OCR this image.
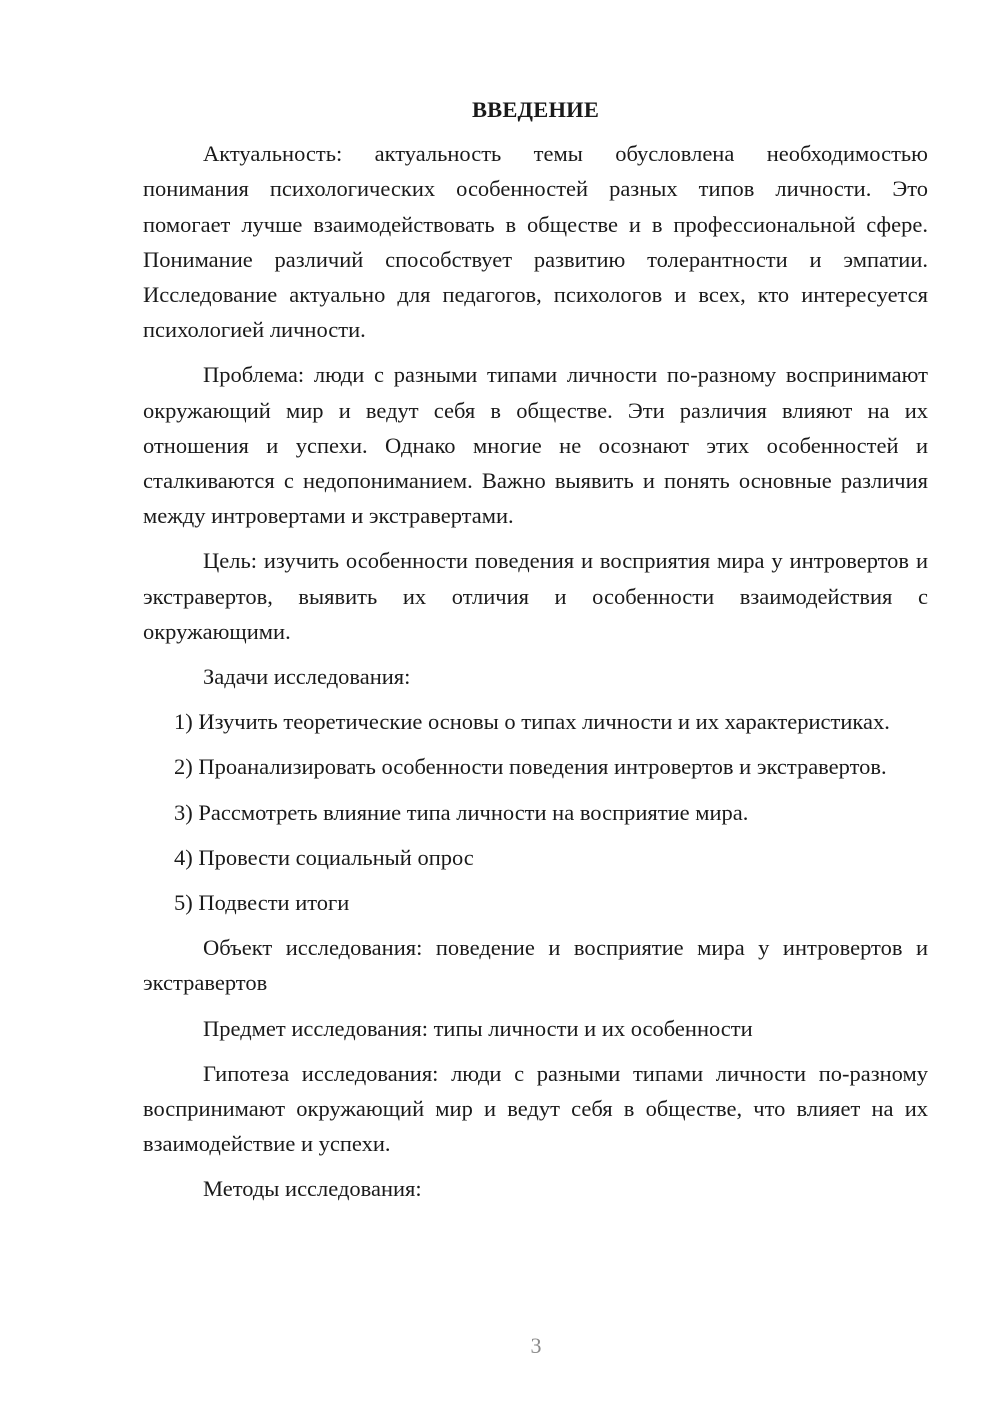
ВВЕДЕНИЕ

Актуальность: актуальность темы обусловлена необходимостью понимания психологических особенностей разных типов личности. Это помогает лучше взаимодействовать в обществе и в профессиональной сфере. Понимание различий способствует развитию толерантности и эмпатии. Исследование актуально для педагогов, психологов и всех, кто интересуется психологией личности.

Проблема: люди с разными типами личности по-разному воспринимают окружающий мир и ведут себя в обществе. Эти различия влияют на их отношения и успехи. Однако многие не осознают этих особенностей и сталкиваются с недопониманием. Важно выявить и понять основные различия между интровертами и экстравертами.

Цель: изучить особенности поведения и восприятия мира у интровертов и экстравертов, выявить их отличия и особенности взаимодействия с окружающими.

Задачи исследования:

1) Изучить теоретические основы о типах личности и их характеристиках.

2) Проанализировать особенности поведения интровертов и экстравертов.

3) Рассмотреть влияние типа личности на восприятие мира.

4) Провести социальный опрос

5) Подвести итоги

Объект исследования: поведение и восприятие мира у интровертов и экстравертов

Предмет исследования: типы личности и их особенности

Гипотеза исследования: люди с разными типами личности по-разному воспринимают окружающий мир и ведут себя в обществе, что влияет на их взаимодействие и успехи.

Методы исследования:

3
